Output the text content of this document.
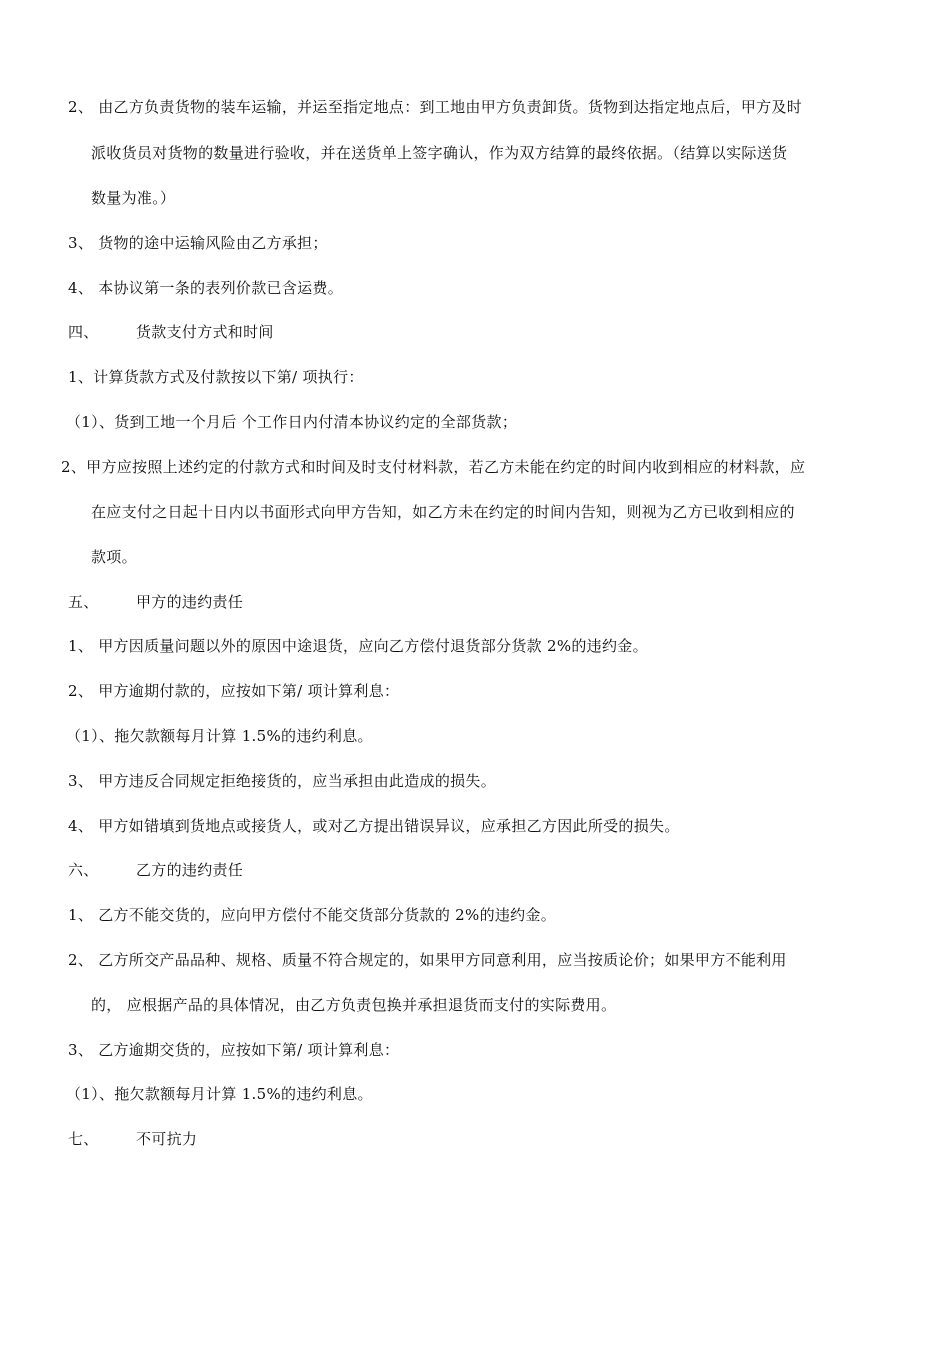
2、 由乙方负责货物的装车运输，并运至指定地点：到工地由甲方负责卸货。货物到达指定地点后，甲方及时
派收货员对货物的数量进行验收，并在送货单上签字确认，作为双方结算的最终依据。（结算以实际送货
数量为准。）
3、 货物的途中运输风险由乙方承担；
4、 本协议第一条的表列价款已含运费。
四、 货款支付方式和时间
1、计算货款方式及付款按以下第/ 项执行：
（1）、货到工地一个月后 个工作日内付清本协议约定的全部货款；
2、甲方应按照上述约定的付款方式和时间及时支付材料款，若乙方未能在约定的时间内收到相应的材料款，应
在应支付之日起十日内以书面形式向甲方告知，如乙方未在约定的时间内告知，则视为乙方已收到相应的
款项。
五、 甲方的违约责任
1、 甲方因质量问题以外的原因中途退货，应向乙方偿付退货部分货款 2%的违约金。
2、 甲方逾期付款的，应按如下第/ 项计算利息：
（1）、拖欠款额每月计算 1.5%的违约利息。
3、 甲方违反合同规定拒绝接货的，应当承担由此造成的损失。
4、 甲方如错填到货地点或接货人，或对乙方提出错误异议，应承担乙方因此所受的损失。
六、 乙方的违约责任
1、 乙方不能交货的，应向甲方偿付不能交货部分货款的 2%的违约金。
2、 乙方所交产品品种、规格、质量不符合规定的，如果甲方同意利用，应当按质论价；如果甲方不能利用
的， 应根据产品的具体情况，由乙方负责包换并承担退货而支付的实际费用。
3、 乙方逾期交货的，应按如下第/ 项计算利息：
（1）、拖欠款额每月计算 1.5%的违约利息。
七、 不可抗力
